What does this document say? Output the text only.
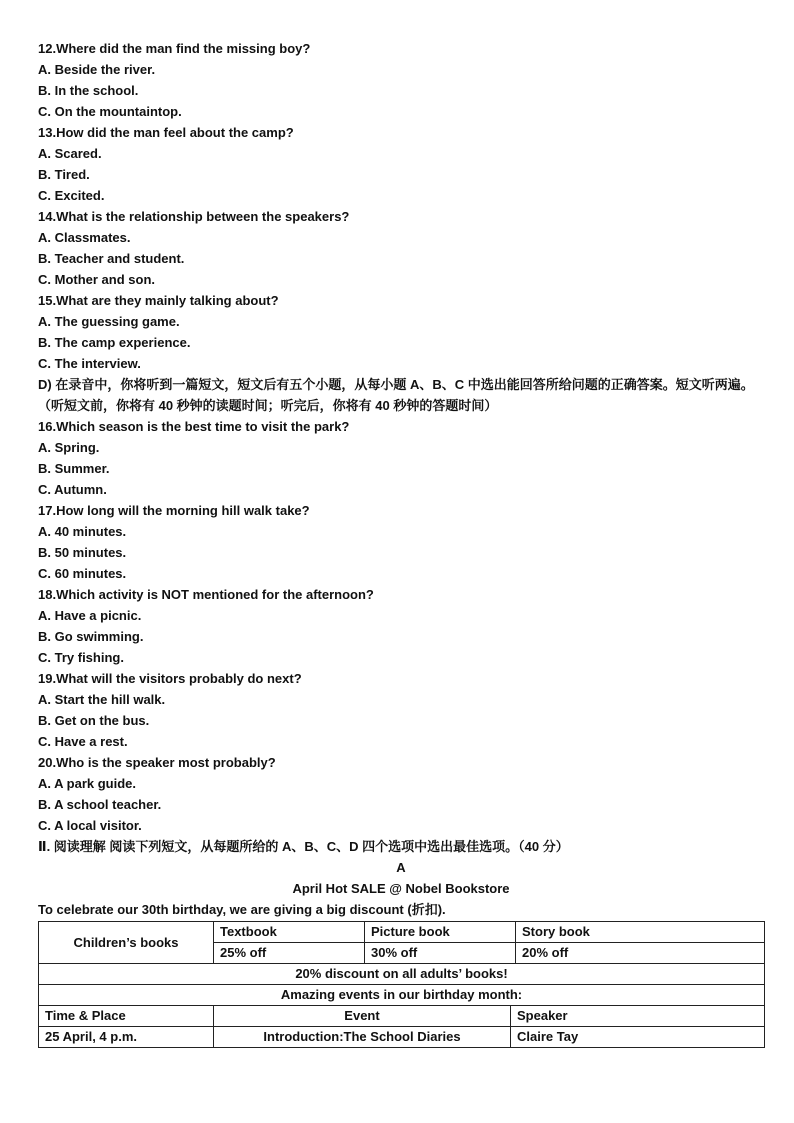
12.Where did the man find the missing boy?
A. Beside the river.
B. In the school.
C. On the mountaintop.
13.How did the man feel about the camp?
A. Scared.
B. Tired.
C. Excited.
14.What is the relationship between the speakers?
A. Classmates.
B. Teacher and student.
C. Mother and son.
15.What are they mainly talking about?
A. The guessing game.
B. The camp experience.
C. The interview.
D) 在录音中，你将听到一篇短文，短文后有五个小题，从每小题 A、B、C 中选出能回答所给问题的正确答案。短文听两遍。（听短文前，你将有 40 秒钟的读题时间；听完后，你将有 40 秒钟的答题时间）
16.Which season is the best time to visit the park?
A. Spring.
B. Summer.
C. Autumn.
17.How long will the morning hill walk take?
A. 40 minutes.
B. 50 minutes.
C. 60 minutes.
18.Which activity is NOT mentioned for the afternoon?
A. Have a picnic.
B. Go swimming.
C. Try fishing.
19.What will the visitors probably do next?
A. Start the hill walk.
B. Get on the bus.
C. Have a rest.
20.Who is the speaker most probably?
A. A park guide.
B. A school teacher.
C. A local visitor.
Ⅱ. 阅读理解 阅读下列短文，从每题所给的 A、B、C、D 四个选项中选出最佳选项。（40 分）
A
April Hot SALE @ Nobel Bookstore
To celebrate our 30th birthday, we are giving a big discount (折扣).
Children’s books	Textbook	Picture book	Story book
	25% off	30% off	20% off
20% discount on all adults’ books!			
Amazing events in our birthday month:			
Time & Place	Event	Speaker
25 April, 4 p.m.	Introduction:The School Diaries	Claire Tay
